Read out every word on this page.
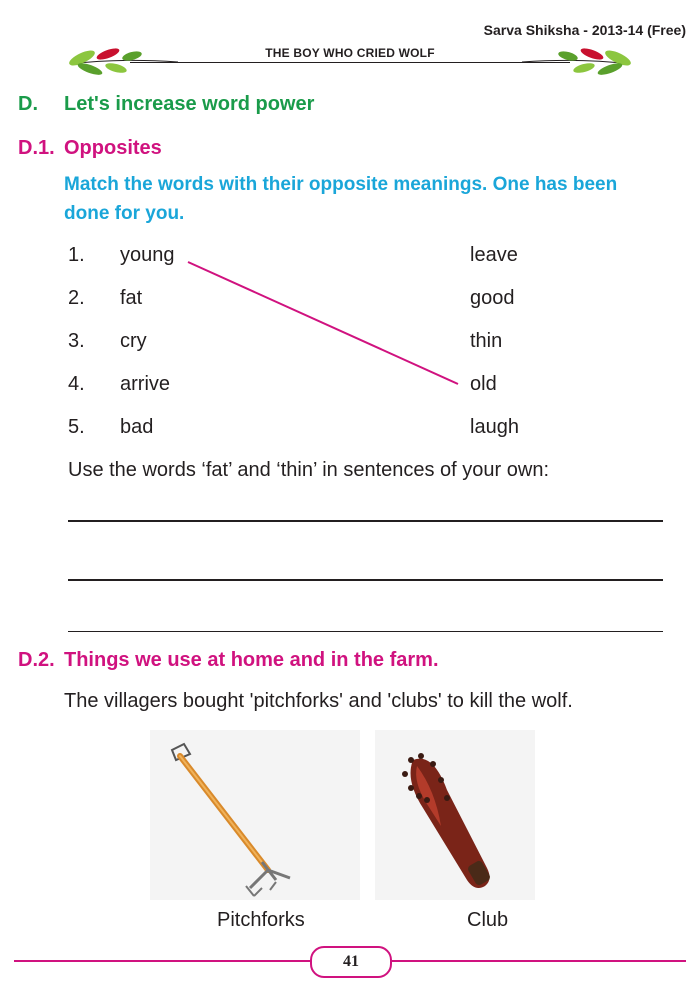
Sarva Shiksha - 2013-14 (Free)
THE BOY WHO CRIED WOLF
D. Let's increase word power
D.1. Opposites
Match the words with their opposite meanings. One has been
done for you.
1. young	leave
2. fat	good
3. cry	thin
4. arrive	old
5. bad	laugh
Use the words ‘fat’ and ‘thin’ in sentences of your own:
D.2. Things we use at home and in the farm.
The villagers bought 'pitchforks' and 'clubs' to kill the wolf.
Pitchforks	Club
41
